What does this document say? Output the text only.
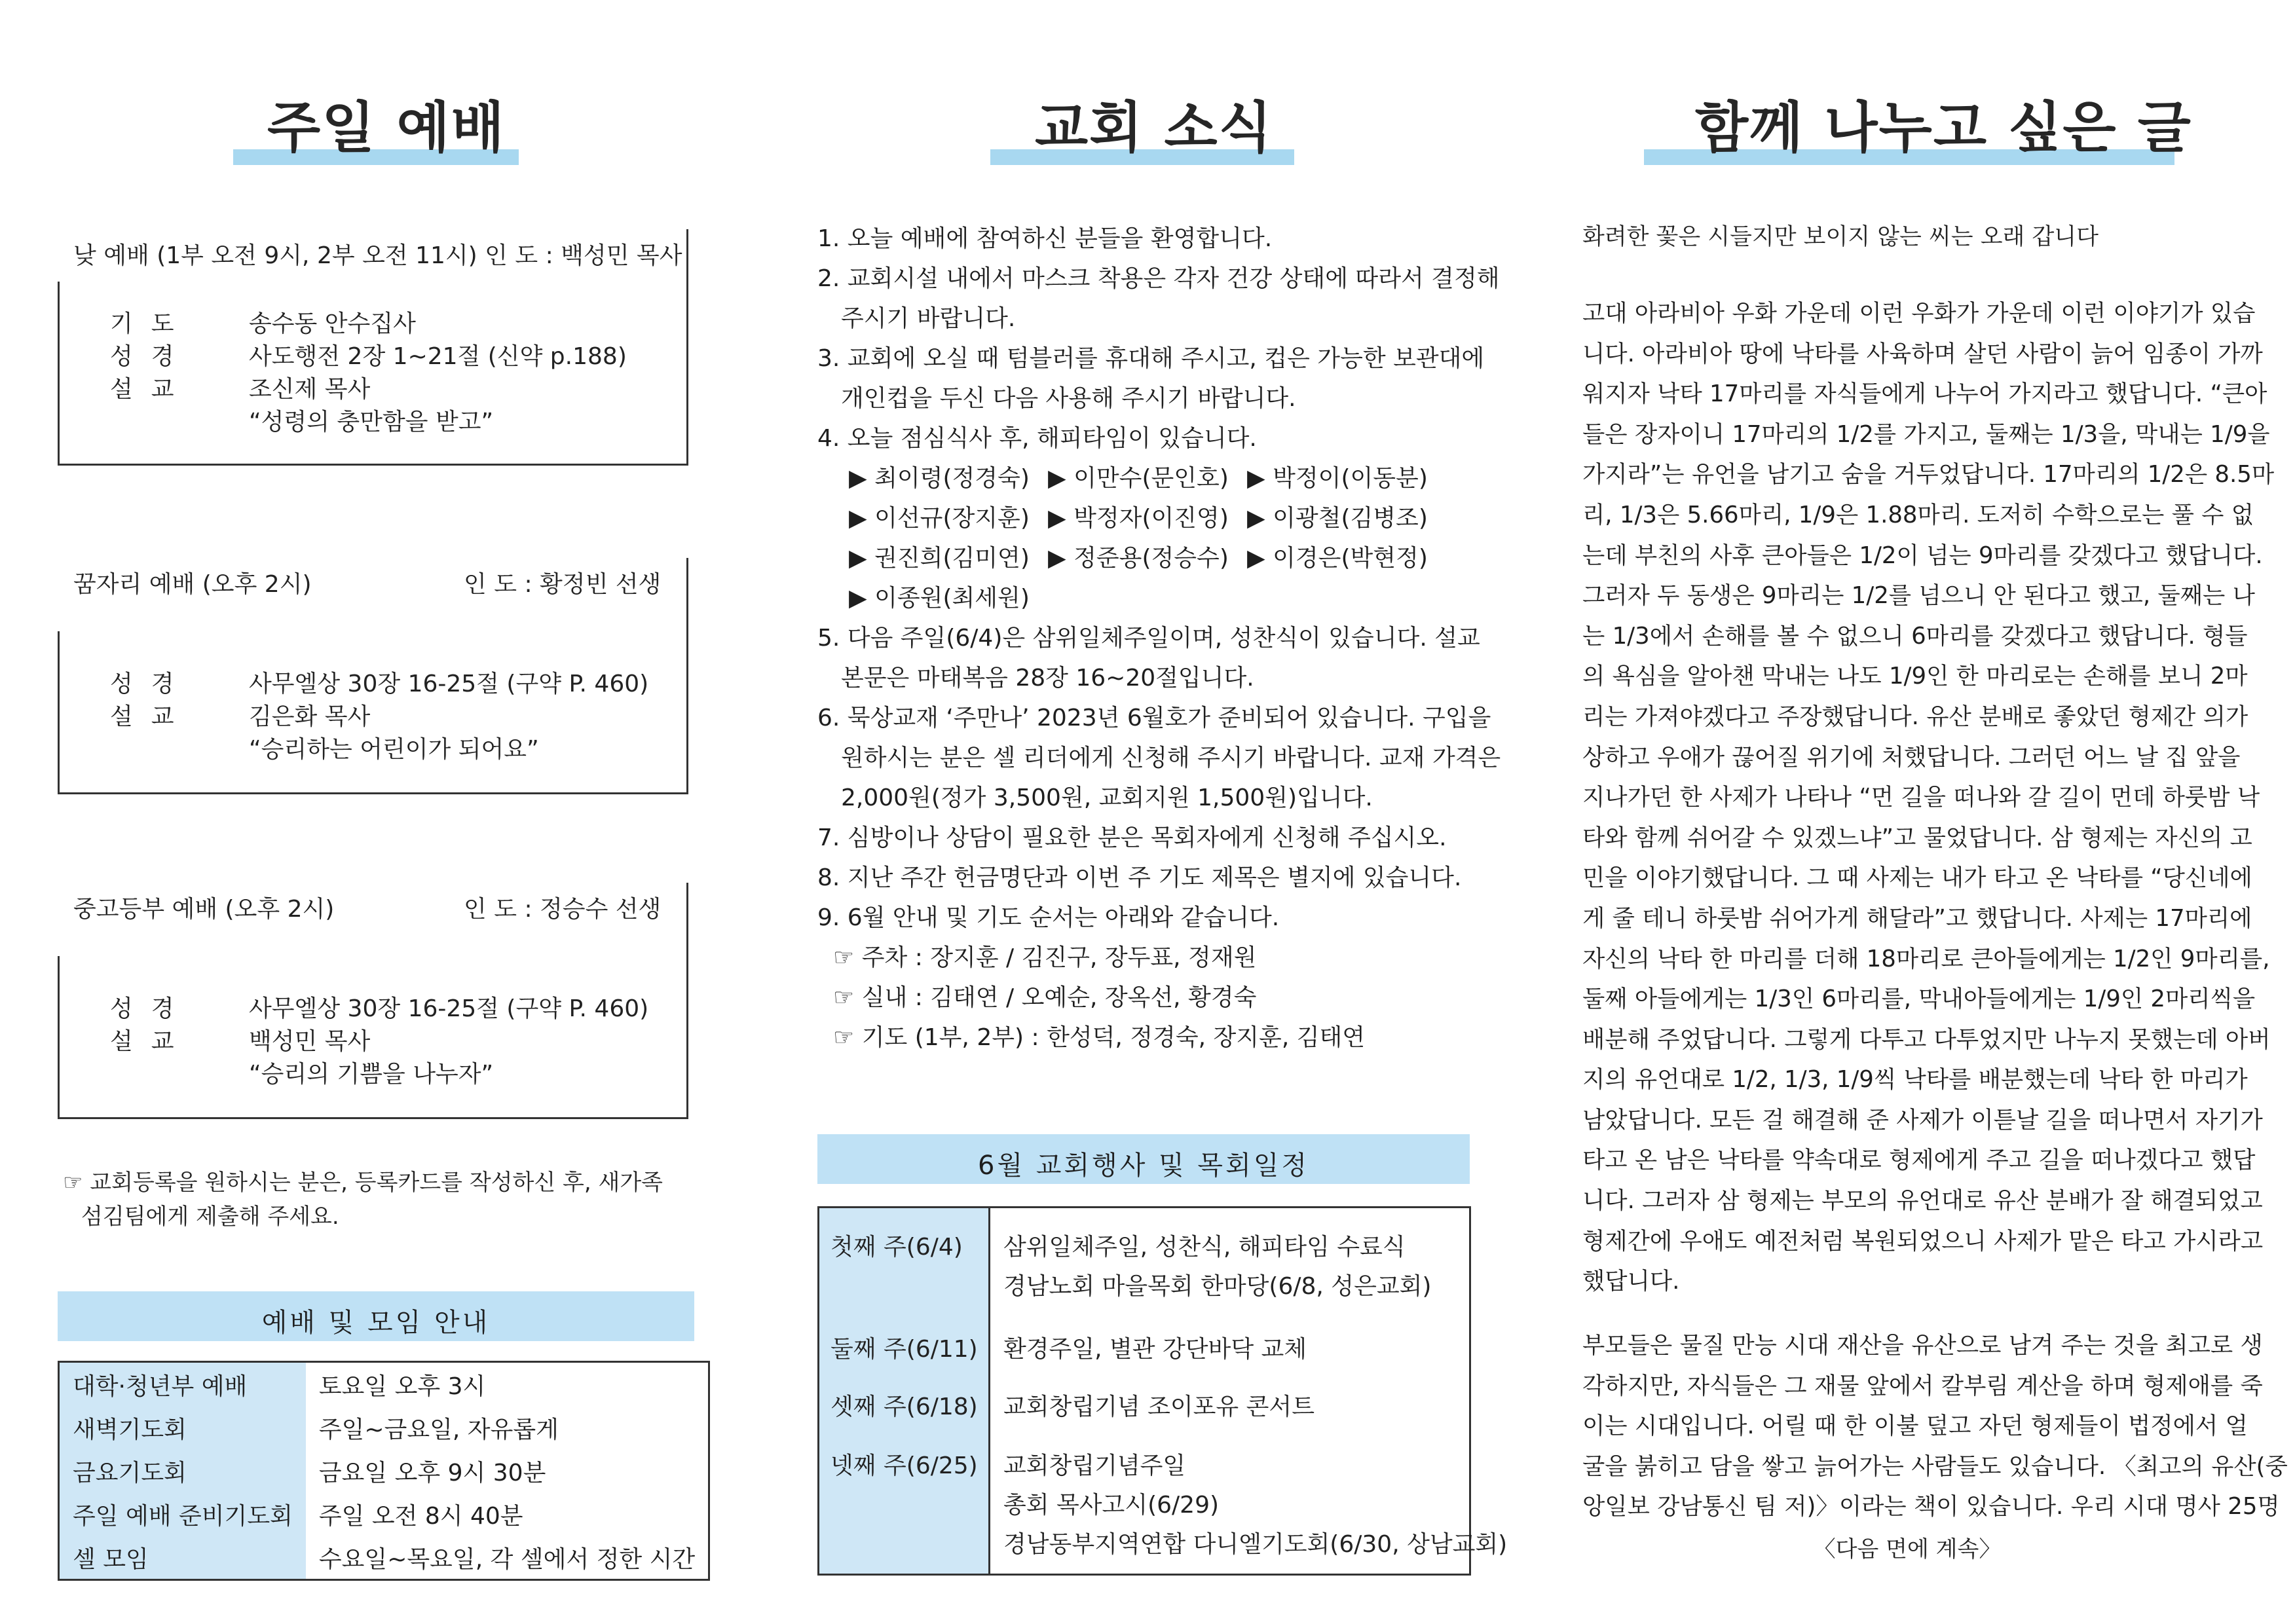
주일 예배
낮 예배 (1부 오전 9시, 2부 오전 11시) 인 도 : 백성민 목사
기도 송수동 안수집사
성경 사도행전 2장 1~21절 (신약 p.188)
설교 조신제 목사
“성령의 충만함을 받고”
꿈자리 예배 (오후 2시)	인 도 : 황정빈 선생
성경 사무엘상 30장 16-25절 (구약 P. 460)
설교 김은화 목사
“승리하는 어린이가 되어요”
중고등부 예배 (오후 2시)	인 도 : 정승수 선생
성경 사무엘상 30장 16-25절 (구약 P. 460)
설교 백성민 목사
“승리의 기쁨을 나누자”
☞ 교회등록을 원하시는 분은, 등록카드를 작성하신 후, 새가족
섬김팀에게 제출해 주세요.
예배 및 모임 안내
대학·청년부 예배	토요일 오후 3시
새벽기도회	주일~금요일, 자유롭게
금요기도회	금요일 오후 9시 30분
주일 예배 준비기도회	주일 오전 8시 40분
셀 모임	수요일~목요일, 각 셀에서 정한 시간
교회 소식
1. 오늘 예배에 참여하신 분들을 환영합니다.
2. 교회시설 내에서 마스크 착용은 각자 건강 상태에 따라서 결정해
주시기 바랍니다.
3. 교회에 오실 때 텀블러를 휴대해 주시고, 컵은 가능한 보관대에
개인컵을 두신 다음 사용해 주시기 바랍니다.
4. 오늘 점심식사 후, 해피타임이 있습니다.
▶ 최이령(정경숙) ▶ 이만수(문인호) ▶ 박정이(이동분)
▶ 이선규(장지훈) ▶ 박정자(이진영) ▶ 이광철(김병조)
▶ 권진희(김미연) ▶ 정준용(정승수) ▶ 이경은(박현정)
▶ 이종원(최세원)
5. 다음 주일(6/4)은 삼위일체주일이며, 성찬식이 있습니다. 설교
본문은 마태복음 28장 16~20절입니다.
6. 묵상교재 ‘주만나’ 2023년 6월호가 준비되어 있습니다. 구입을
원하시는 분은 셀 리더에게 신청해 주시기 바랍니다. 교재 가격은
2,000원(정가 3,500원, 교회지원 1,500원)입니다.
7. 심방이나 상담이 필요한 분은 목회자에게 신청해 주십시오.
8. 지난 주간 헌금명단과 이번 주 기도 제목은 별지에 있습니다.
9. 6월 안내 및 기도 순서는 아래와 같습니다.
☞ 주차 : 장지훈 / 김진구, 장두표, 정재원
☞ 실내 : 김태연 / 오예순, 장옥선, 황경숙
☞ 기도 (1부, 2부) : 한성덕, 정경숙, 장지훈, 김태연
6월 교회행사 및 목회일정
첫째 주(6/4) 삼위일체주일, 성찬식, 해피타임 수료식
경남노회 마을목회 한마당(6/8, 성은교회)
둘째 주(6/11) 환경주일, 별관 강단바닥 교체
셋째 주(6/18) 교회창립기념 조이포유 콘서트
넷째 주(6/25) 교회창립기념주일
총회 목사고시(6/29)
경남동부지역연합 다니엘기도회(6/30, 상남교회)
함께 나누고 싶은 글
화려한 꽃은 시들지만 보이지 않는 씨는 오래 갑니다
고대 아라비아 우화 가운데 이런 우화가 가운데 이런 이야기가 있습
니다. 아라비아 땅에 낙타를 사육하며 살던 사람이 늙어 임종이 가까
워지자 낙타 17마리를 자식들에게 나누어 가지라고 했답니다. “큰아
들은 장자이니 17마리의 1/2를 가지고, 둘째는 1/3을, 막내는 1/9을
가지라”는 유언을 남기고 숨을 거두었답니다. 17마리의 1/2은 8.5마
리, 1/3은 5.66마리, 1/9은 1.88마리. 도저히 수학으로는 풀 수 없
는데 부친의 사후 큰아들은 1/2이 넘는 9마리를 갖겠다고 했답니다.
그러자 두 동생은 9마리는 1/2를 넘으니 안 된다고 했고, 둘째는 나
는 1/3에서 손해를 볼 수 없으니 6마리를 갖겠다고 했답니다. 형들
의 욕심을 알아챈 막내는 나도 1/9인 한 마리로는 손해를 보니 2마
리는 가져야겠다고 주장했답니다. 유산 분배로 좋았던 형제간 의가
상하고 우애가 끊어질 위기에 처했답니다. 그러던 어느 날 집 앞을
지나가던 한 사제가 나타나 “먼 길을 떠나와 갈 길이 먼데 하룻밤 낙
타와 함께 쉬어갈 수 있겠느냐”고 물었답니다. 삼 형제는 자신의 고
민을 이야기했답니다. 그 때 사제는 내가 타고 온 낙타를 “당신네에
게 줄 테니 하룻밤 쉬어가게 해달라”고 했답니다. 사제는 17마리에
자신의 낙타 한 마리를 더해 18마리로 큰아들에게는 1/2인 9마리를,
둘째 아들에게는 1/3인 6마리를, 막내아들에게는 1/9인 2마리씩을
배분해 주었답니다. 그렇게 다투고 다투었지만 나누지 못했는데 아버
지의 유언대로 1/2, 1/3, 1/9씩 낙타를 배분했는데 낙타 한 마리가
남았답니다. 모든 걸 해결해 준 사제가 이튿날 길을 떠나면서 자기가
타고 온 남은 낙타를 약속대로 형제에게 주고 길을 떠나겠다고 했답
니다. 그러자 삼 형제는 부모의 유언대로 유산 분배가 잘 해결되었고
형제간에 우애도 예전처럼 복원되었으니 사제가 맡은 타고 가시라고
했답니다.
부모들은 물질 만능 시대 재산을 유산으로 남겨 주는 것을 최고로 생
각하지만, 자식들은 그 재물 앞에서 칼부림 계산을 하며 형제애를 죽
이는 시대입니다. 어릴 때 한 이불 덮고 자던 형제들이 법정에서 얼
굴을 붉히고 담을 쌓고 늙어가는 사람들도 있습니다. 〈최고의 유산(중
앙일보 강남통신 팀 저)〉이라는 책이 있습니다. 우리 시대 명사 25명
〈다음 면에 계속〉
